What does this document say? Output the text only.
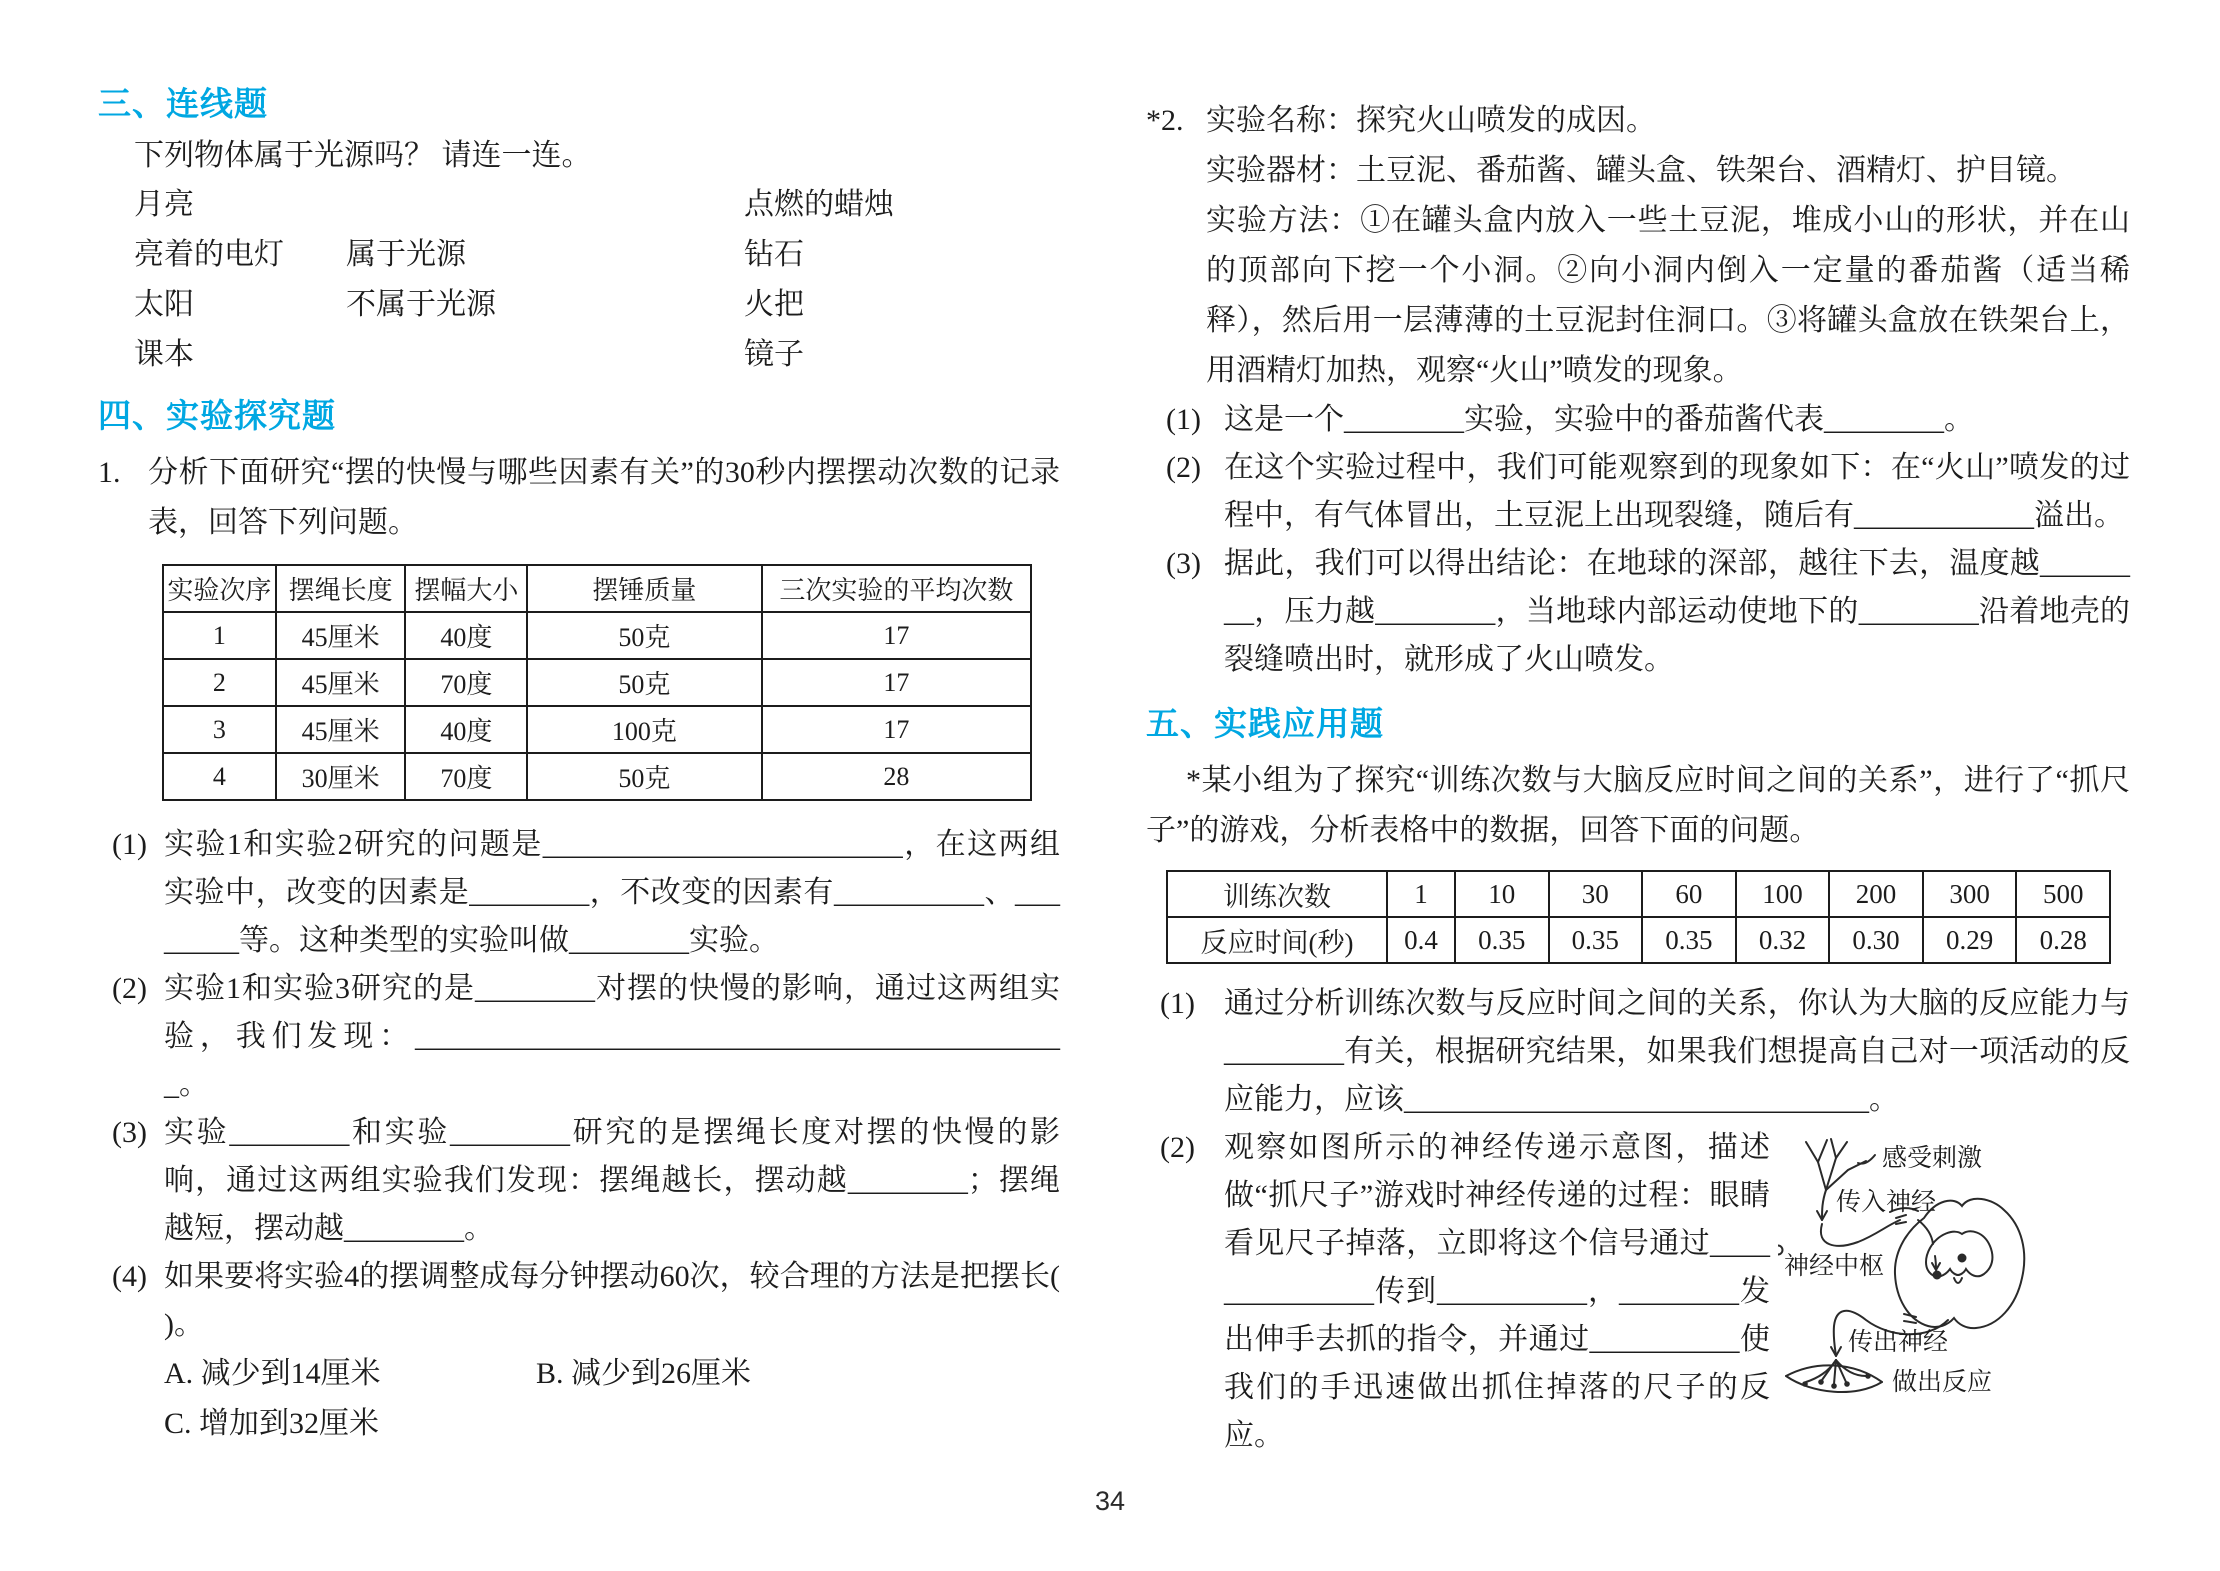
三、连线题
下列物体属于光源吗？ 请连一连。
月亮	点燃的蜡烛
亮着的电灯	属于光源	钻石
太阳	不属于光源	火把
课本	镜子
四、实验探究题
1. 分析下面研究“摆的快慢与哪些因素有关”的30秒内摆摆动次数的记录表，回答下列问题。
实验次序	摆绳长度	摆幅大小	摆锤质量	三次实验的平均次数
1	45厘米	40度	50克	17
2	45厘米	70度	50克	17
3	45厘米	40度	100克	17
4	30厘米	70度	50克	28
(1) 实验1和实验2研究的问题是________________________，在这两组实验中，改变的因素是________，不改变的因素有__________、________等。这种类型的实验叫做________实验。
(2) 实验1和实验3研究的是________对摆的快慢的影响，通过这两组实验，我们发现：____________________________________________。
(3) 实验________和实验________研究的是摆绳长度对摆的快慢的影响，通过这两组实验我们发现：摆绳越长，摆动越________；摆绳越短，摆动越________。
(4) 如果要将实验4的摆调整成每分钟摆动60次，较合理的方法是把摆长(　　)。
A. 减少到14厘米	B. 减少到26厘米
C. 增加到32厘米
*2. 实验名称：探究火山喷发的成因。
实验器材：土豆泥、番茄酱、罐头盒、铁架台、酒精灯、护目镜。
实验方法：①在罐头盒内放入一些土豆泥，堆成小山的形状，并在山的顶部向下挖一个小洞。②向小洞内倒入一定量的番茄酱（适当稀释），然后用一层薄薄的土豆泥封住洞口。③将罐头盒放在铁架台上，用酒精灯加热，观察“火山”喷发的现象。
(1) 这是一个________实验，实验中的番茄酱代表________。
(2) 在这个实验过程中，我们可能观察到的现象如下：在“火山”喷发的过程中，有气体冒出，土豆泥上出现裂缝，随后有____________溢出。
(3) 据此，我们可以得出结论：在地球的深部，越往下去，温度越________，压力越________，当地球内部运动使地下的________沿着地壳的裂缝喷出时，就形成了火山喷发。
五、实践应用题
*某小组为了探究“训练次数与大脑反应时间之间的关系”，进行了“抓尺子”的游戏，分析表格中的数据，回答下面的问题。
训练次数	1	10	30	60	100	200	300	500
反应时间(秒)	0.4	0.35	0.35	0.35	0.32	0.30	0.29	0.28
(1) 通过分析训练次数与反应时间之间的关系，你认为大脑的反应能力与________有关，根据研究结果，如果我们想提高自己对一项活动的反应能力，应该_______________________________。
(2)	感受刺激
传入神经
神经中枢
传出神经
做出反应
观察如图所示的神经传递示意图，描述做“抓尺子”游戏时神经传递的过程：眼睛看见尺子掉落，立即将这个信号通过______________传到__________，________发出伸手去抓的指令，并通过__________使我们的手迅速做出抓住掉落的尺子的反应。
34
